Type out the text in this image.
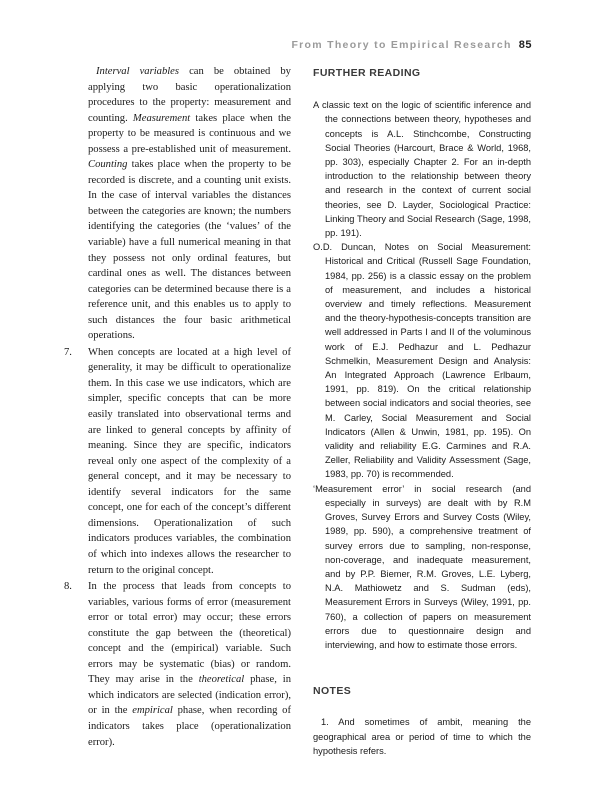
From Theory to Empirical Research 85
Interval variables can be obtained by applying two basic operationalization procedures to the property: measurement and counting. Measurement takes place when the property to be measured is continuous and we possess a pre-established unit of measurement. Counting takes place when the property to be recorded is discrete, and a counting unit exists. In the case of interval variables the distances between the categories are known; the numbers identifying the categories (the ‘values’ of the variable) have a full numerical meaning in that they possess not only ordinal features, but cardinal ones as well. The distances between categories can be determined because there is a reference unit, and this enables us to apply to such distances the four basic arithmetical operations.
7.	When concepts are located at a high level of generality, it may be difficult to operationalize them. In this case we use indicators, which are simpler, specific concepts that can be more easily translated into observational terms and are linked to general concepts by affinity of meaning. Since they are specific, indicators reveal only one aspect of the complexity of a general concept, and it may be necessary to identify several indicators for the same concept, one for each of the concept’s different dimensions. Operationalization of such indicators produces variables, the combination of which into indexes allows the researcher to return to the original concept.
8.	In the process that leads from concepts to variables, various forms of error (measurement error or total error) may occur; these errors constitute the gap between the (theoretical) concept and the (empirical) variable. Such errors may be systematic (bias) or random. They may arise in the theoretical phase, in which indicators are selected (indication error), or in the empirical phase, when recording of indicators takes place (operationalization error).
FURTHER READING

A classic text on the logic of scientific inference and the connections between theory, hypotheses and concepts is A.L. Stinchcombe, Constructing Social Theories (Harcourt, Brace & World, 1968, pp. 303), especially Chapter 2. For an in-depth introduction to the relationship between theory and research in the context of current social theories, see D. Layder, Sociological Practice: Linking Theory and Social Research (Sage, 1998, pp. 191).

O.D. Duncan, Notes on Social Measurement: Historical and Critical (Russell Sage Foundation, 1984, pp. 256) is a classic essay on the problem of measurement, and includes a historical overview and timely reflections. Measurement and the theory-hypothesis-concepts transition are well addressed in Parts I and II of the voluminous work of E.J. Pedhazur and L. Pedhazur Schmelkin, Measurement Design and Analysis: An Integrated Approach (Lawrence Erlbaum, 1991, pp. 819). On the critical relationship between social indicators and social theories, see M. Carley, Social Measurement and Social Indicators (Allen & Unwin, 1981, pp. 195). On validity and reliability E.G. Carmines and R.A. Zeller, Reliability and Validity Assessment (Sage, 1983, pp. 70) is recommended.

‘Measurement error’ in social research (and especially in surveys) are dealt with by R.M Groves, Survey Errors and Survey Costs (Wiley, 1989, pp. 590), a comprehensive treatment of survey errors due to sampling, non-response, non-coverage, and inadequate measurement, and by P.P. Biemer, R.M. Groves, L.E. Lyberg, N.A. Mathiowetz and S. Sudman (eds), Measurement Errors in Surveys (Wiley, 1991, pp. 760), a collection of papers on measurement errors due to questionnaire design and interviewing, and how to estimate those errors.

NOTES

1. And sometimes of ambit, meaning the geographical area or period of time to which the hypothesis refers.
